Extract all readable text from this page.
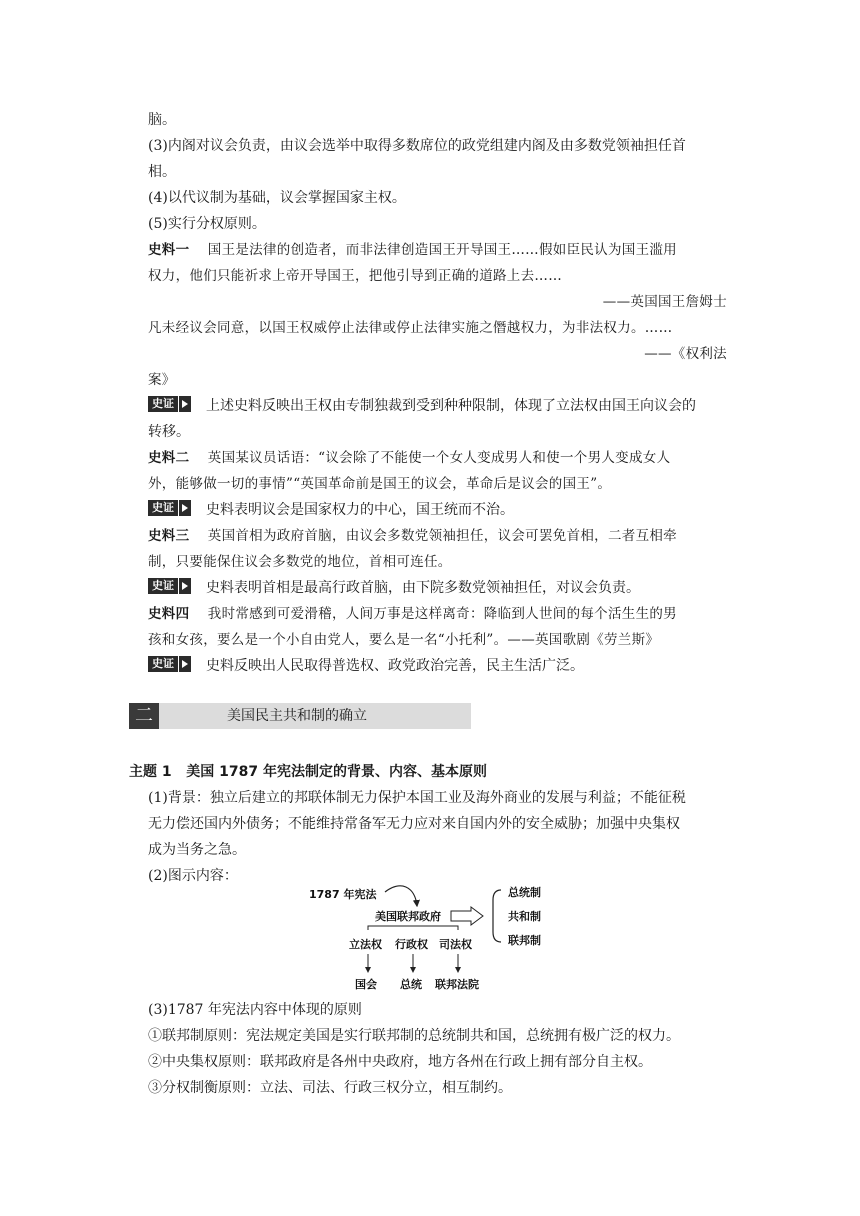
脑。
(3)内阁对议会负责，由议会选举中取得多数席位的政党组建内阁及由多数党领袖担任首
相。
(4)以代议制为基础，议会掌握国家主权。
(5)实行分权原则。
史料一 国王是法律的创造者，而非法律创造国王开导国王……假如臣民认为国王滥用
权力，他们只能祈求上帝开导国王，把他引导到正确的道路上去……
——英国国王詹姆士
凡未经议会同意，以国王权威停止法律或停止法律实施之僭越权力，为非法权力。……
——《权利法
案》
史证 上述史料反映出王权由专制独裁到受到种种限制，体现了立法权由国王向议会的
转移。
史料二 英国某议员话语：“议会除了不能使一个女人变成男人和使一个男人变成女人
外，能够做一切的事情”“英国革命前是国王的议会，革命后是议会的国王”。
史证 史料表明议会是国家权力的中心，国王统而不治。
史料三 英国首相为政府首脑，由议会多数党领袖担任，议会可罢免首相，二者互相牵
制，只要能保住议会多数党的地位，首相可连任。
史证 史料表明首相是最高行政首脑，由下院多数党领袖担任，对议会负责。
史料四 我时常感到可爱滑稽，人间万事是这样离奇：降临到人世间的每个活生生的男
孩和女孩，要么是一个小自由党人，要么是一名“小托利”。——英国歌剧《劳兰斯》
史证 史料反映出人民取得普选权、政党政治完善，民主生活广泛。
二	美国民主共和制的确立
主题 1 美国 1787 年宪法制定的背景、内容、基本原则
(1)背景：独立后建立的邦联体制无力保护本国工业及海外商业的发展与利益；不能征税
无力偿还国内外债务；不能维持常备军无力应对来自国内外的安全威胁；加强中央集权
成为当务之急。
(2)图示内容：
1787 年宪法
美国联邦政府
总统制
共和制
联邦制
立法权 行政权 司法权
国会 总统 联邦法院
(3)1787 年宪法内容中体现的原则
①联邦制原则：宪法规定美国是实行联邦制的总统制共和国，总统拥有极广泛的权力。
②中央集权原则：联邦政府是各州中央政府，地方各州在行政上拥有部分自主权。
③分权制衡原则：立法、司法、行政三权分立，相互制约。
